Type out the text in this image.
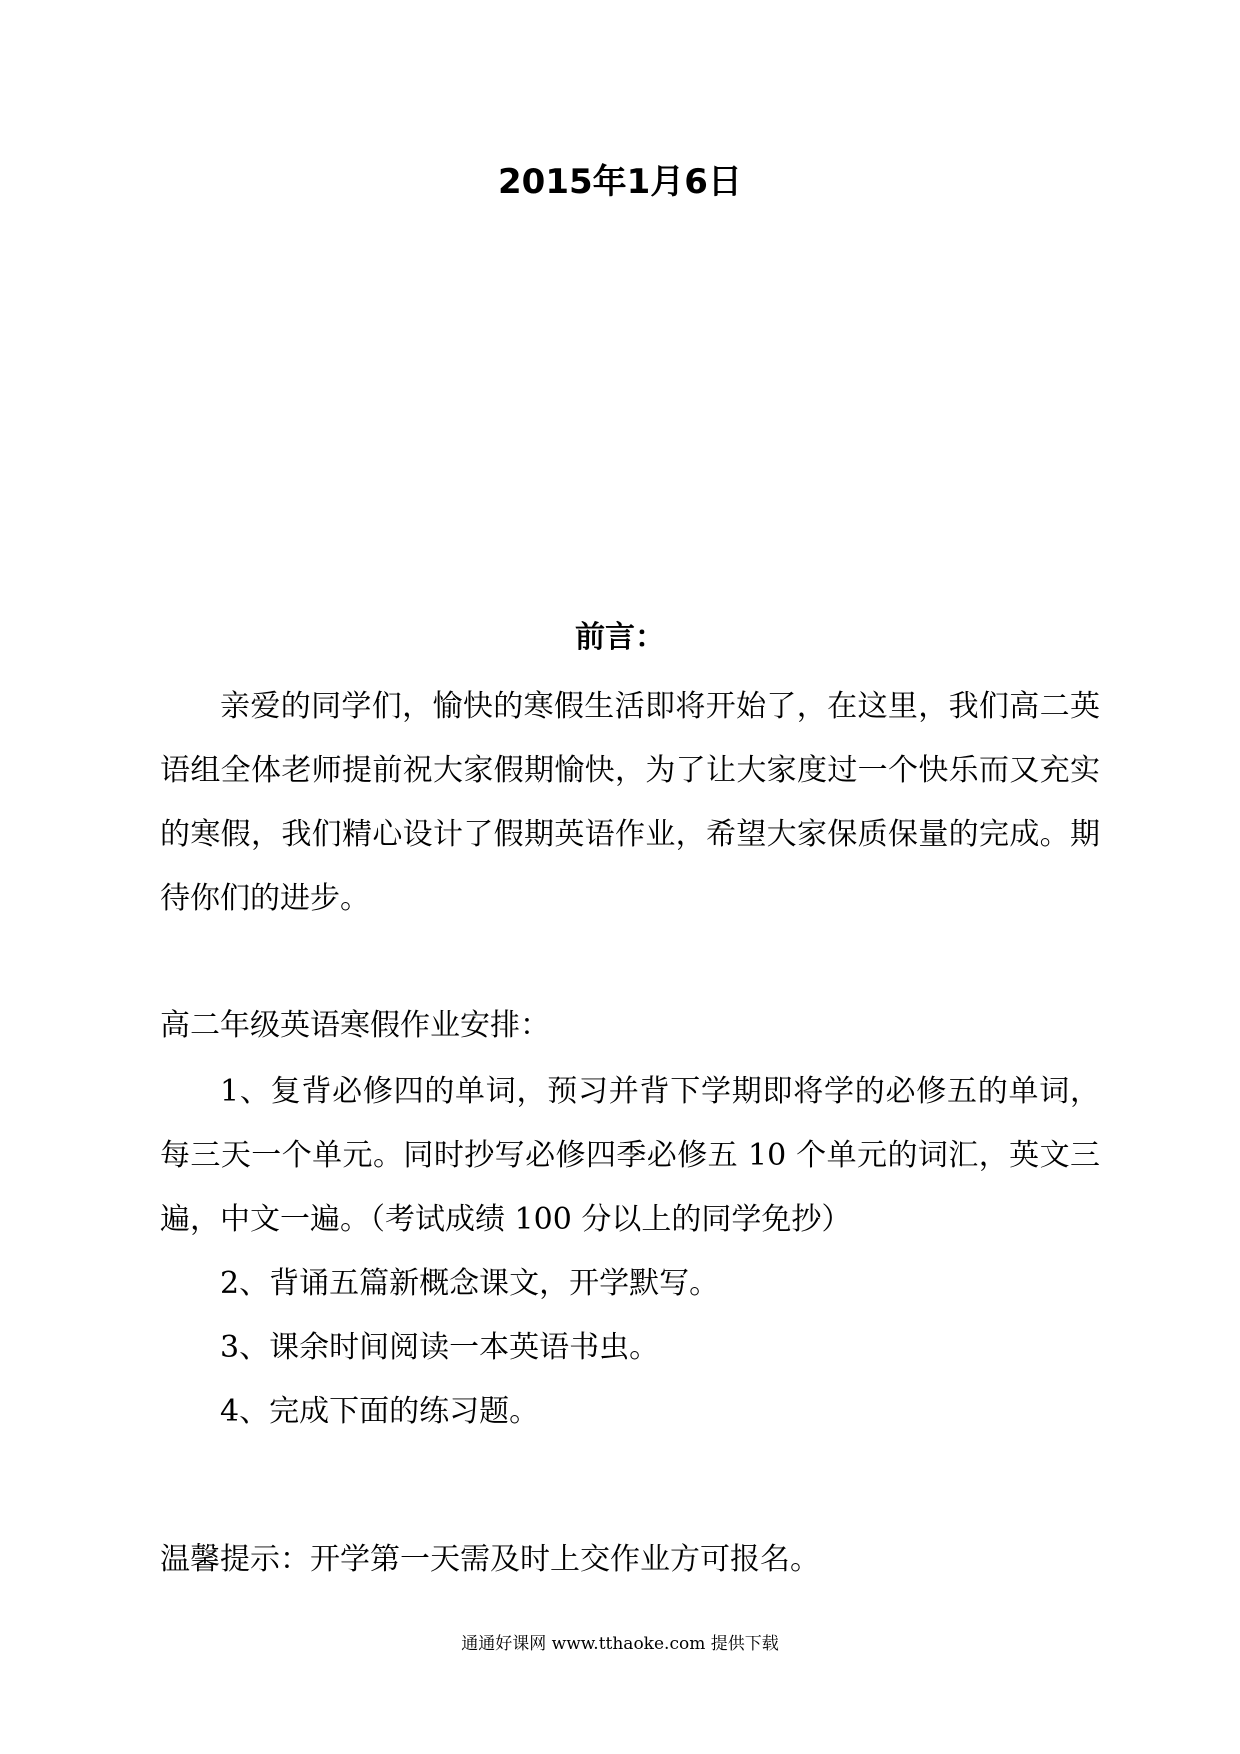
2015年1月6日
前言：

亲爱的同学们，愉快的寒假生活即将开始了，在这里，我们高二英语组全体老师提前祝大家假期愉快，为了让大家度过一个快乐而又充实的寒假，我们精心设计了假期英语作业，希望大家保质保量的完成。期待你们的进步。

高二年级英语寒假作业安排：

1、复背必修四的单词，预习并背下学期即将学的必修五的单词，每三天一个单元。同时抄写必修四季必修五 10 个单元的词汇，英文三遍，中文一遍。（考试成绩 100 分以上的同学免抄）
2、背诵五篇新概念课文，开学默写。
3、课余时间阅读一本英语书虫。
4、完成下面的练习题。

温馨提示：开学第一天需及时上交作业方可报名。

通通好课网 www.tthaoke.com 提供下载
